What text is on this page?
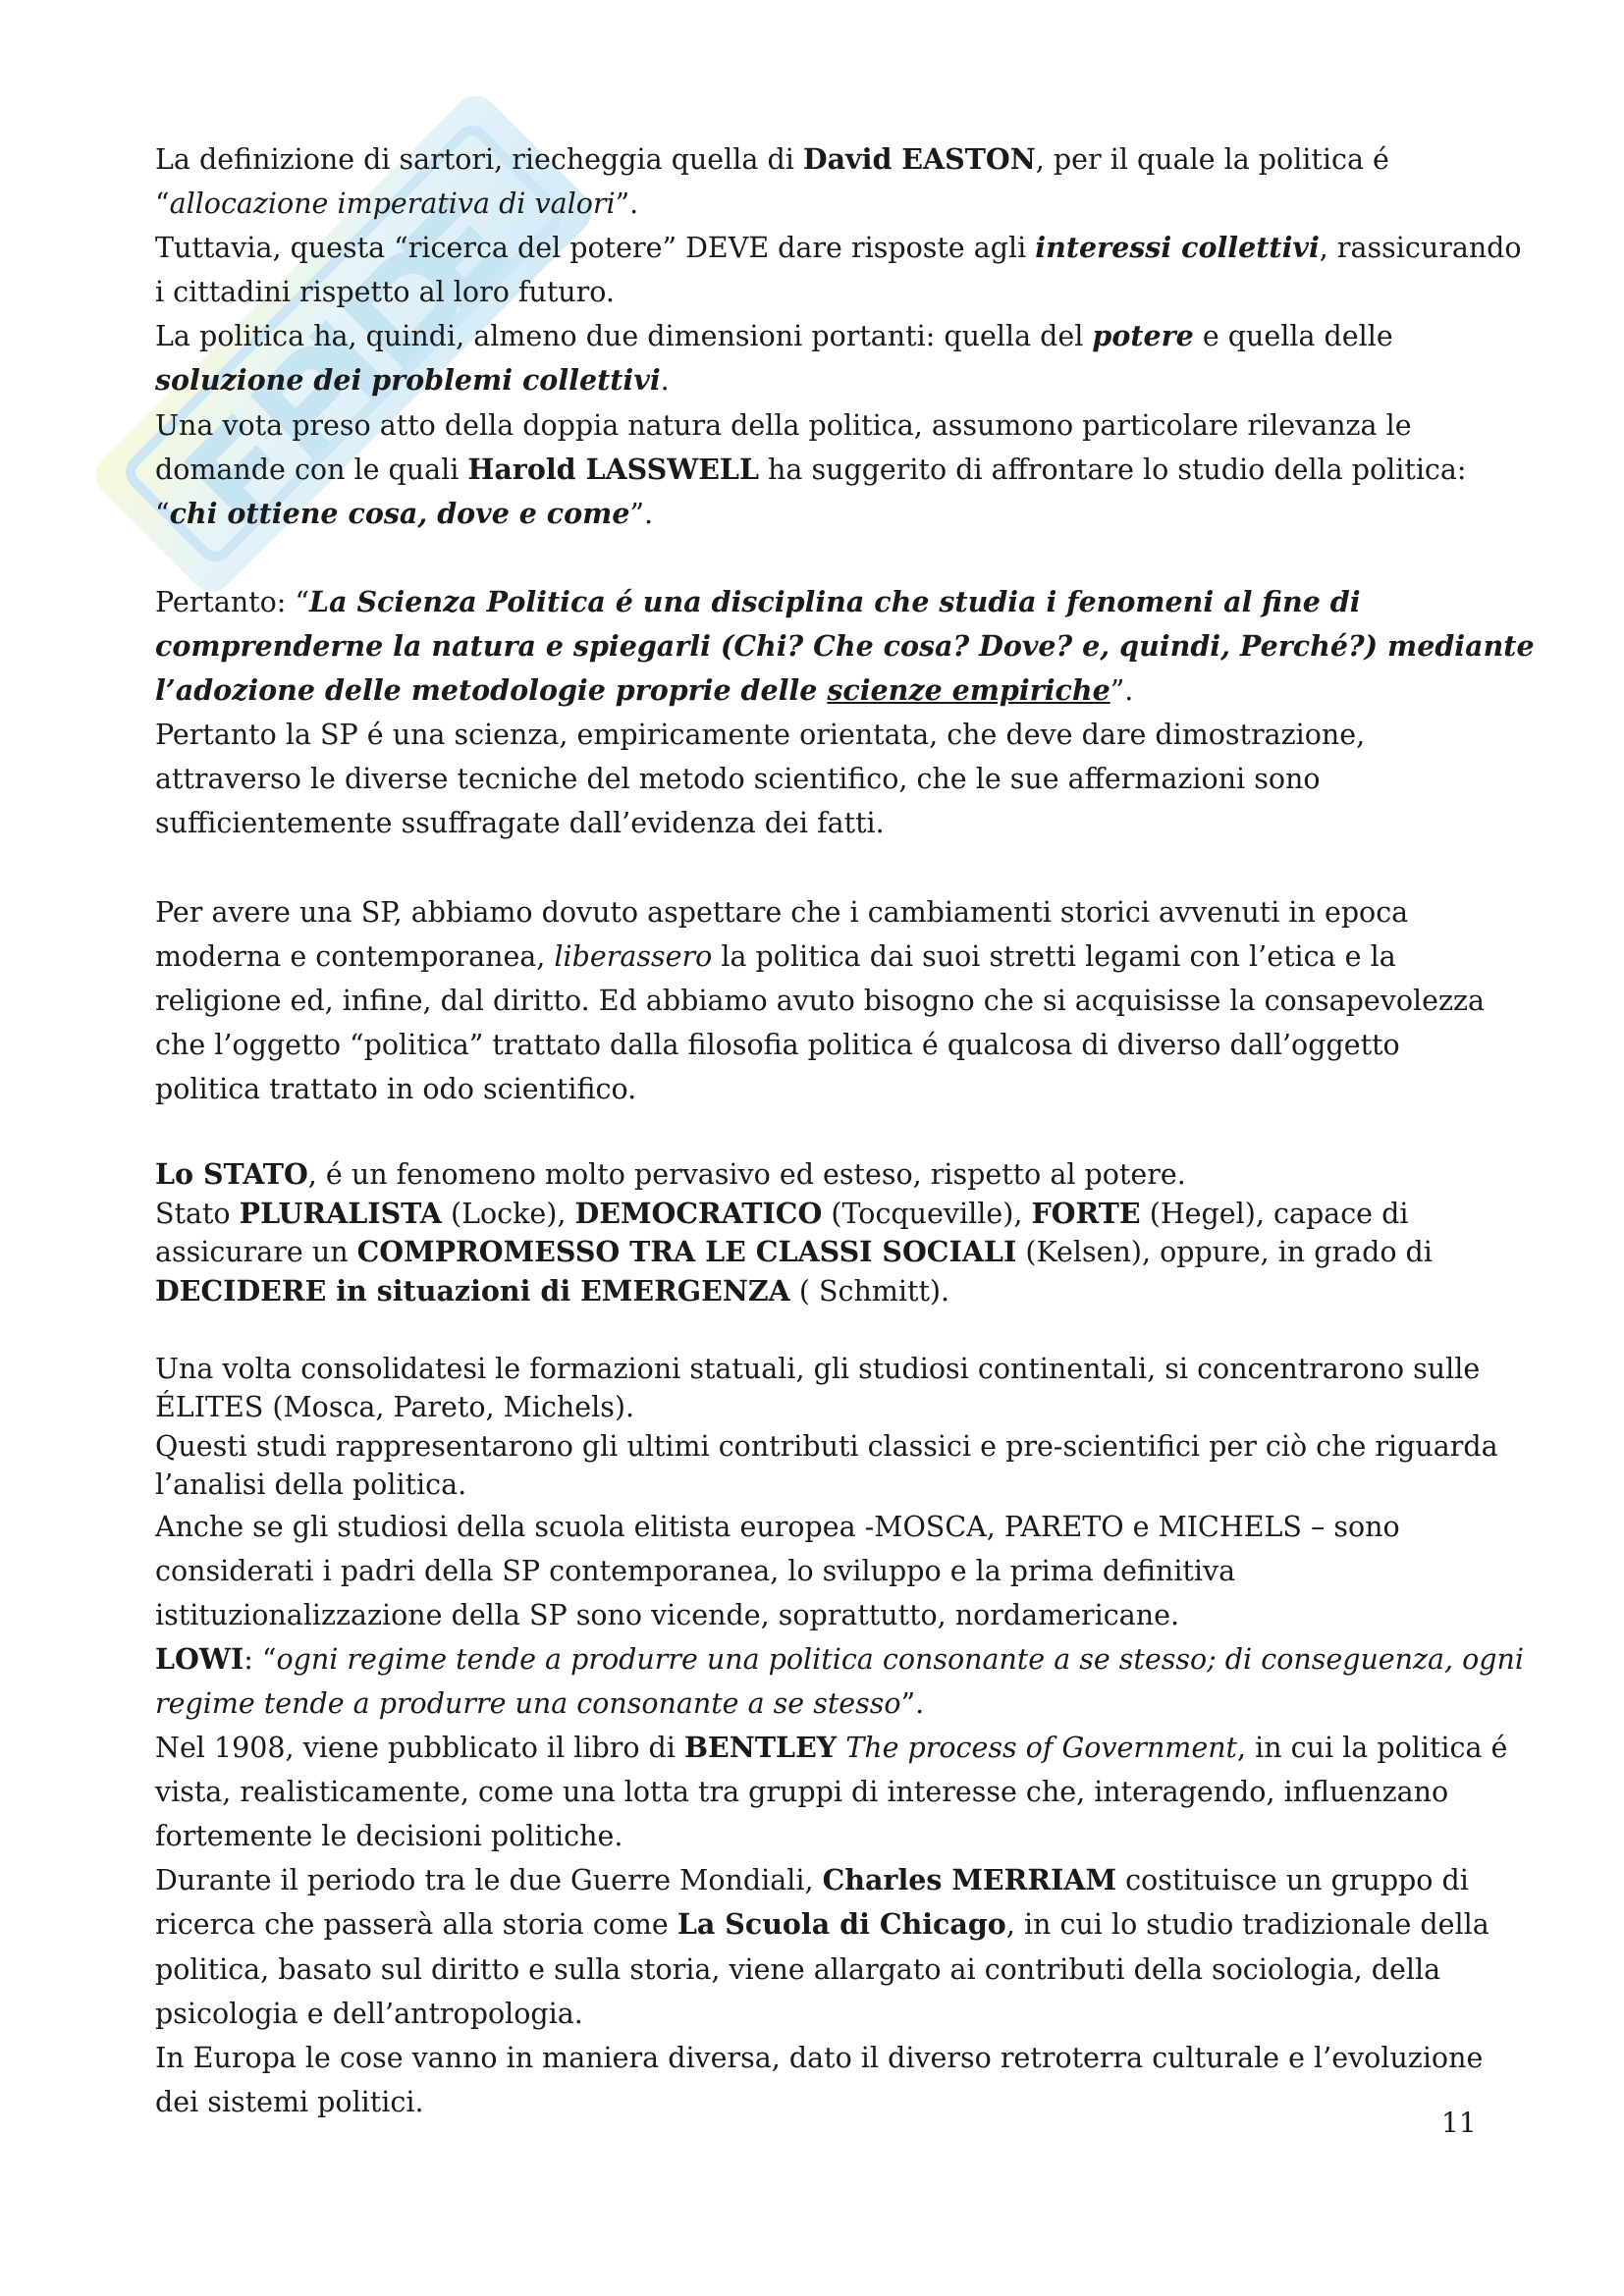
La definizione di sartori, riecheggia quella di David EASTON, per il quale la politica é
“allocazione imperativa di valori”.
Tuttavia, questa “ricerca del potere” DEVE dare risposte agli interessi collettivi, rassicurando
i cittadini rispetto al loro futuro.
La politica ha, quindi, almeno due dimensioni portanti: quella del potere e quella delle
soluzione dei problemi collettivi.
Una vota preso atto della doppia natura della politica, assumono particolare rilevanza le
domande con le quali Harold LASSWELL ha suggerito di affrontare lo studio della politica:
“chi ottiene cosa, dove e come”.

Pertanto: “La Scienza Politica é una disciplina che studia i fenomeni al fine di
comprenderne la natura e spiegarli (Chi? Che cosa? Dove? e, quindi, Perché?) mediante
l’adozione delle metodologie proprie delle scienze empiriche”.
Pertanto la SP é una scienza, empiricamente orientata, che deve dare dimostrazione,
attraverso le diverse tecniche del metodo scientifico, che le sue affermazioni sono
sufficientemente ssuffragate dall’evidenza dei fatti.

Per avere una SP, abbiamo dovuto aspettare che i cambiamenti storici avvenuti in epoca
moderna e contemporanea, liberassero la politica dai suoi stretti legami con l’etica e la
religione ed, infine, dal diritto. Ed abbiamo avuto bisogno che si acquisisse la consapevolezza
che l’oggetto “politica” trattato dalla filosofia politica é qualcosa di diverso dall’oggetto
politica trattato in odo scientifico.
Lo STATO, é un fenomeno molto pervasivo ed esteso, rispetto al potere.
Stato PLURALISTA (Locke), DEMOCRATICO (Tocqueville), FORTE (Hegel), capace di
assicurare un COMPROMESSO TRA LE CLASSI SOCIALI (Kelsen), oppure, in grado di
DECIDERE in situazioni di EMERGENZA ( Schmitt).

Una volta consolidatesi le formazioni statuali, gli studiosi continentali, si concentrarono sulle
ÉLITES (Mosca, Pareto, Michels).
Questi studi rappresentarono gli ultimi contributi classici e pre-scientifici per ciò che riguarda
l’analisi della politica.
Anche se gli studiosi della scuola elitista europea -MOSCA, PARETO e MICHELS – sono
considerati i padri della SP contemporanea, lo sviluppo e la prima definitiva
istituzionalizzazione della SP sono vicende, soprattutto, nordamericane.
LOWI: “ogni regime tende a produrre una politica consonante a se stesso; di conseguenza, ogni
regime tende a produrre una consonante a se stesso”.
Nel 1908, viene pubblicato il libro di BENTLEY The process of Government, in cui la politica é
vista, realisticamente, come una lotta tra gruppi di interesse che, interagendo, influenzano
fortemente le decisioni politiche.
Durante il periodo tra le due Guerre Mondiali, Charles MERRIAM costituisce un gruppo di
ricerca che passerà alla storia come La Scuola di Chicago, in cui lo studio tradizionale della
politica, basato sul diritto e sulla storia, viene allargato ai contributi della sociologia, della
psicologia e dell’antropologia.
In Europa le cose vanno in maniera diversa, dato il diverso retroterra culturale e l’evoluzione
dei sistemi politici.
11
